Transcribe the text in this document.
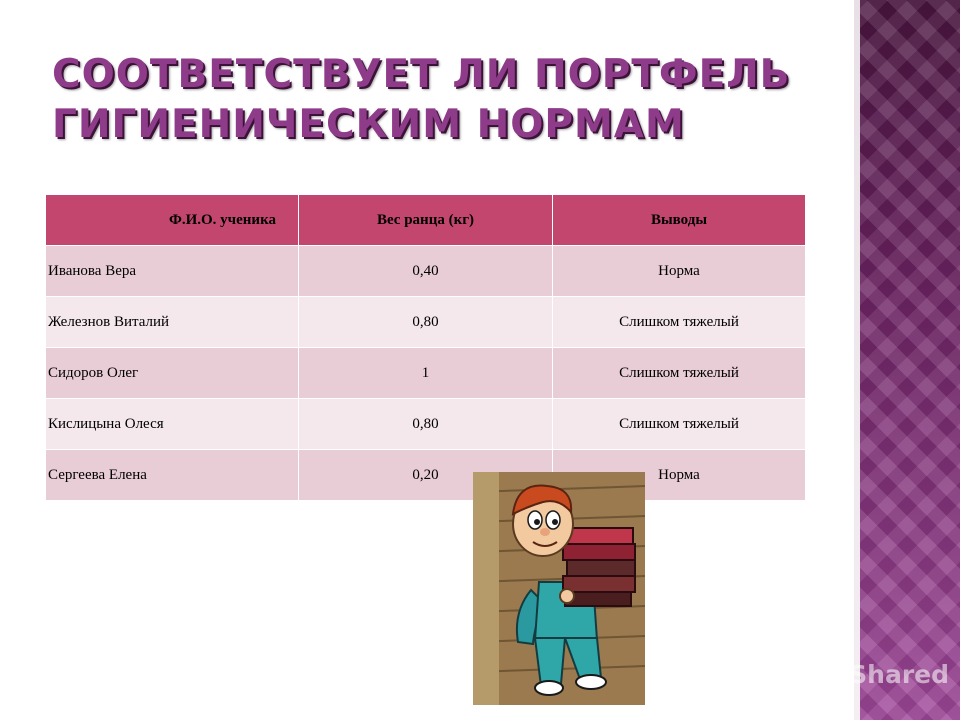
СООТВЕТСТВУЕТ ЛИ ПОРТФЕЛЬ
ГИГИЕНИЧЕСКИМ НОРМАМ
Ф.И.О. ученика	Вес ранца (кг)	Выводы
Иванова Вера	0,40	Норма
Железнов Виталий	0,80	Слишком тяжелый
Сидоров Олег	1	Слишком тяжелый
Кислицына Олеся	0,80	Слишком тяжелый
Сергеева Елена	0,20	Норма
MyShared
